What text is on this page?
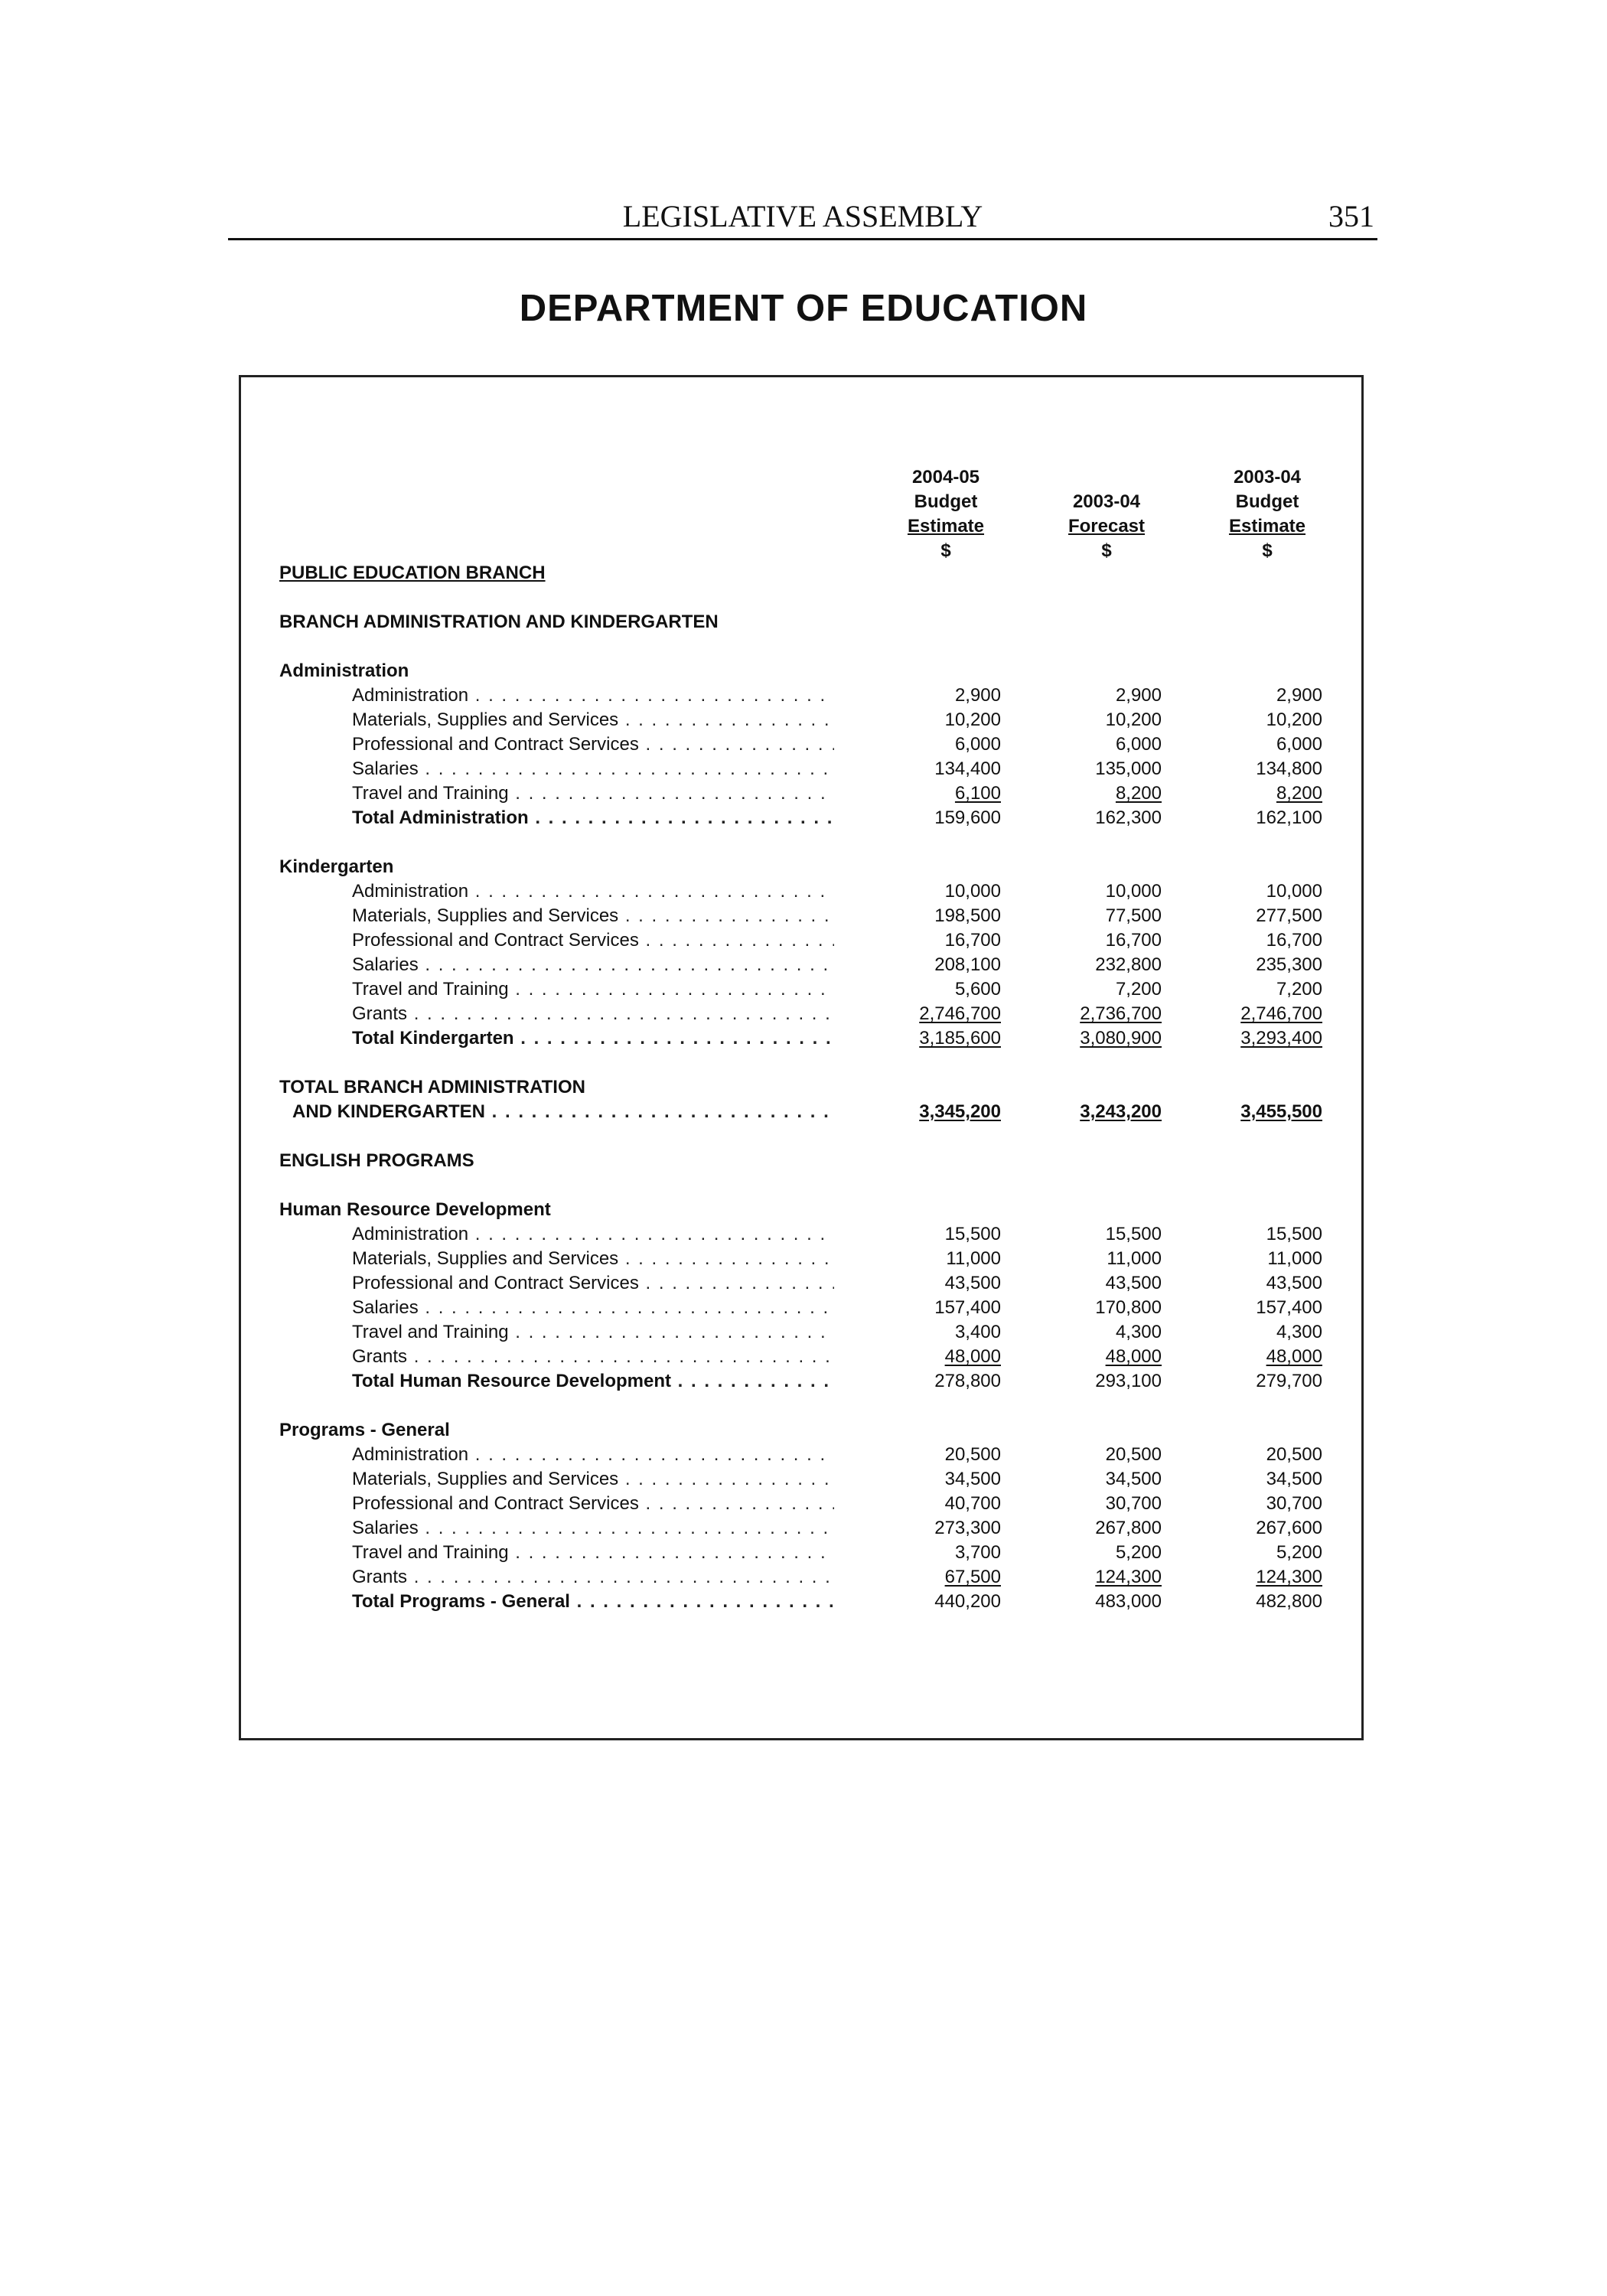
LEGISLATIVE ASSEMBLY	351
DEPARTMENT OF EDUCATION
2004-05
Budget
Estimate
$
2003-04
Forecast
$
2003-04
Budget
Estimate
$
PUBLIC EDUCATION BRANCH
BRANCH ADMINISTRATION AND KINDERGARTEN
Administration
Administration . . .	2,900	2,900	2,900
Materials, Supplies and Services . . .	10,200	10,200	10,200
Professional and Contract Services . . .	6,000	6,000	6,000
Salaries . . .	134,400	135,000	134,800
Travel and Training . . .	6,100	8,200	8,200
Total Administration . . .	159,600	162,300	162,100
Kindergarten
Administration . . .	10,000	10,000	10,000
Materials, Supplies and Services . . .	198,500	77,500	277,500
Professional and Contract Services . . .	16,700	16,700	16,700
Salaries . . .	208,100	232,800	235,300
Travel and Training . . .	5,600	7,200	7,200
Grants . . .	2,746,700	2,736,700	2,746,700
Total Kindergarten . . .	3,185,600	3,080,900	3,293,400
TOTAL BRANCH ADMINISTRATION
AND KINDERGARTEN . . .	3,345,200	3,243,200	3,455,500
ENGLISH PROGRAMS
Human Resource Development
Administration . . .	15,500	15,500	15,500
Materials, Supplies and Services . . .	11,000	11,000	11,000
Professional and Contract Services . . .	43,500	43,500	43,500
Salaries . . .	157,400	170,800	157,400
Travel and Training . . .	3,400	4,300	4,300
Grants . . .	48,000	48,000	48,000
Total Human Resource Development . . .	278,800	293,100	279,700
Programs - General
Administration . . .	20,500	20,500	20,500
Materials, Supplies and Services . . .	34,500	34,500	34,500
Professional and Contract Services . . .	40,700	30,700	30,700
Salaries . . .	273,300	267,800	267,600
Travel and Training . . .	3,700	5,200	5,200
Grants . . .	67,500	124,300	124,300
Total Programs - General . . .	440,200	483,000	482,800
